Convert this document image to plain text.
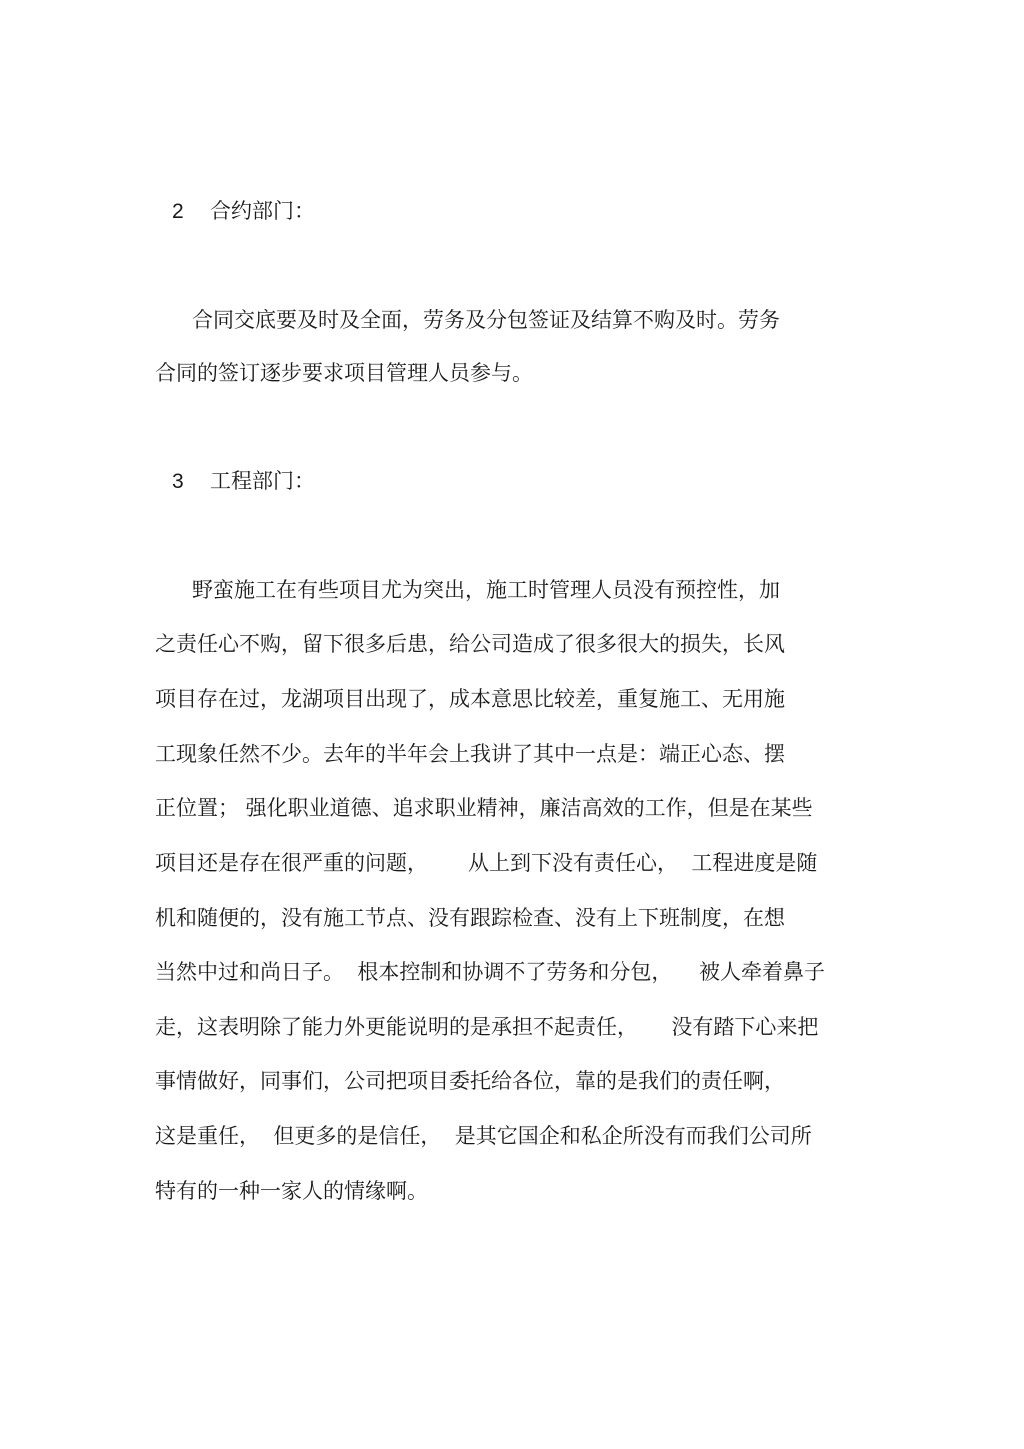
2 合约部门：
合同交底要及时及全面，劳务及分包签证及结算不购及时。劳务
合同的签订逐步要求项目管理人员参与。
3 工程部门：
野蛮施工在有些项目尤为突出，施工时管理人员没有预控性，加
之责任心不购，留下很多后患，给公司造成了很多很大的损失，长风
项目存在过，龙湖项目出现了，成本意思比较差，重复施工、无用施
工现象任然不少。去年的半年会上我讲了其中一点是：端正心态、摆
正位置； 强化职业道德、追求职业精神，廉洁高效的工作，但是在某些
项目还是存在很严重的问题，      从上到下没有责任心，  工程进度是随
机和随便的，没有施工节点、没有跟踪检查、没有上下班制度，在想
当然中过和尚日子。  根本控制和协调不了劳务和分包，    被人牵着鼻子
走，这表明除了能力外更能说明的是承担不起责任，     没有踏下心来把
事情做好，同事们，公司把项目委托给各位，靠的是我们的责任啊，
这是重任，  但更多的是信任，  是其它国企和私企所没有而我们公司所
特有的一种一家人的情缘啊。
